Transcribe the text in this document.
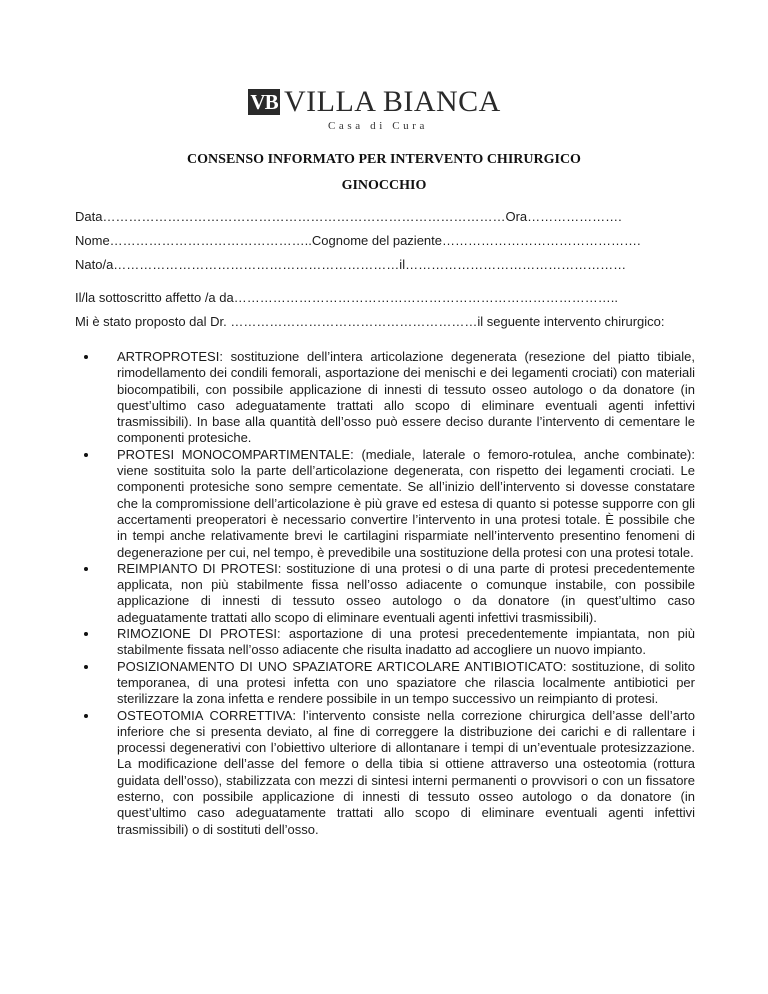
VB VILLA BIANCA
Casa di Cura
CONSENSO INFORMATO PER INTERVENTO CHIRURGICO
GINOCCHIO
Data…………………………………………………………………………………Ora………………….
Nome………………………………………..Cognome del paziente……………………………………….
Nato/a…………………………………………………………il……………………………………………
Il/la sottoscritto affetto /a da……………………………………………………………………………..
Mi è stato proposto dal Dr. …………………………………………………il seguente intervento chirurgico:
ARTROPROTESI: sostituzione dell’intera articolazione degenerata (resezione del piatto tibiale, rimodellamento dei condili femorali, asportazione dei menischi e dei legamenti crociati) con materiali biocompatibili, con possibile applicazione di innesti di tessuto osseo autologo o da donatore (in quest’ultimo caso adeguatamente trattati allo scopo di eliminare eventuali agenti infettivi trasmissibili). In base alla quantità dell’osso può essere deciso durante l’intervento di cementare le componenti protesiche.
PROTESI MONOCOMPARTIMENTALE: (mediale, laterale o femoro-rotulea, anche combinate): viene sostituita solo la parte dell’articolazione degenerata, con rispetto dei legamenti crociati. Le componenti protesiche sono sempre cementate. Se all’inizio dell’intervento si dovesse constatare che la compromissione dell’articolazione è più grave ed estesa di quanto si potesse supporre con gli accertamenti preoperatori è necessario convertire l’intervento in una protesi totale. È possibile che in tempi anche relativamente brevi le cartilagini risparmiate nell’intervento presentino fenomeni di degenerazione per cui, nel tempo, è prevedibile una sostituzione della protesi con una protesi totale.
REIMPIANTO DI PROTESI: sostituzione di una protesi o di una parte di protesi precedentemente applicata, non più stabilmente fissa nell’osso adiacente o comunque instabile, con possibile applicazione di innesti di tessuto osseo autologo o da donatore (in quest’ultimo caso adeguatamente trattati allo scopo di eliminare eventuali agenti infettivi trasmissibili).
RIMOZIONE DI PROTESI: asportazione di una protesi precedentemente impiantata, non più stabilmente fissata nell’osso adiacente che risulta inadatto ad accogliere un nuovo impianto.
POSIZIONAMENTO DI UNO SPAZIATORE ARTICOLARE ANTIBIOTICATO: sostituzione, di solito temporanea, di una protesi infetta con uno spaziatore che rilascia localmente antibiotici per sterilizzare la zona infetta e rendere possibile in un tempo successivo un reimpianto di protesi.
OSTEOTOMIA CORRETTIVA: l’intervento consiste nella correzione chirurgica dell’asse dell’arto inferiore che si presenta deviato, al fine di correggere la distribuzione dei carichi e di rallentare i processi degenerativi con l’obiettivo ulteriore di allontanare i tempi di un’eventuale protesizzazione. La modificazione dell’asse del femore o della tibia si ottiene attraverso una osteotomia (rottura guidata dell’osso), stabilizzata con mezzi di sintesi interni permanenti o provvisori o con un fissatore esterno, con possibile applicazione di innesti di tessuto osseo autologo o da donatore (in quest’ultimo caso adeguatamente trattati allo scopo di eliminare eventuali agenti infettivi trasmissibili) o di sostituti dell’osso.
